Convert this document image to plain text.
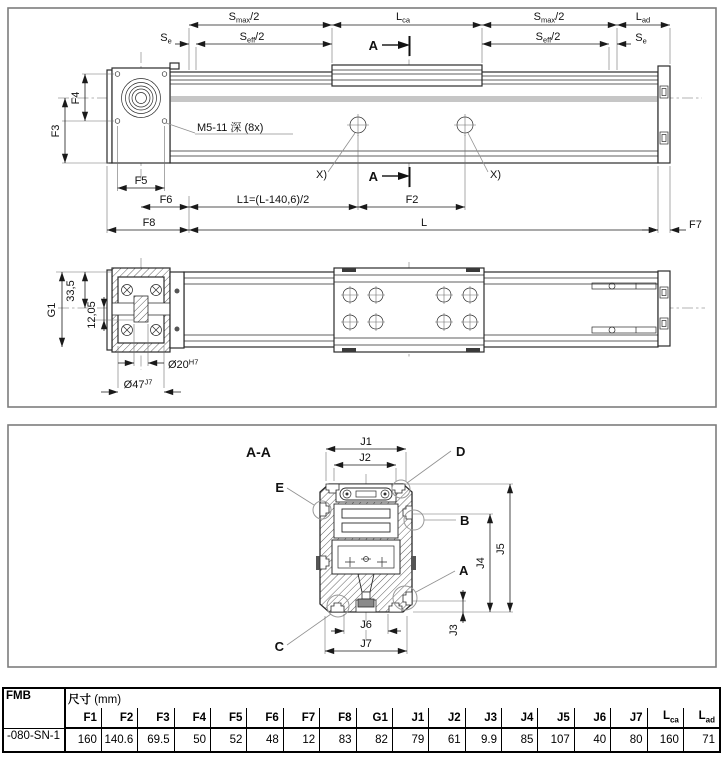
A
A
M5-11 深 (8x)
X)	X)
$S_{max}/2$	$L_{ca}$	$S_{max}/2$	$L_{ad}$
$S_e$	$S_{eff}/2$	$S_{eff}/2$	$S_e$
F4
F3
F5
F6	L1=(L-140,6)/2	F2
F8	L	F7
G1
33,5
12,05
$Ø20^{H7}$
$Ø47^{J7}$
A-A	D
E
B
A
C
J1
J2
J5
J4
J3
J6
J7
FMB	尺寸 (mm)																	
	F1	F2	F3	F4	F5	F6	F7	F8	G1	J1	J2	J3	J4	J5	J6	J7	$L_{ca}$	$L_{ad}$
-080-SN-1	160	140.6	69.5	50	52	48	12	83	82	79	61	9.9	85	107	40	80	160	71
